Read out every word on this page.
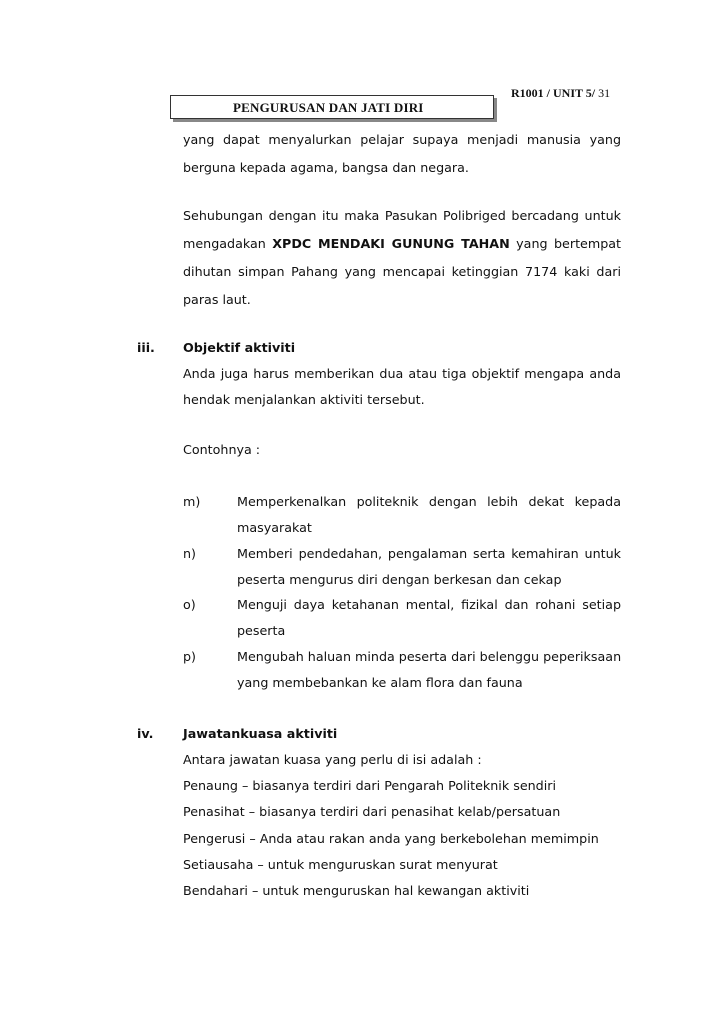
R1001 / UNIT 5/ 31
PENGURUSAN DAN JATI DIRI
yang dapat menyalurkan pelajar supaya menjadi manusia yang
berguna kepada agama, bangsa dan negara.
Sehubungan dengan itu maka Pasukan Polibriged bercadang untuk
mengadakan XPDC MENDAKI GUNUNG TAHAN yang bertempat
dihutan simpan Pahang yang mencapai ketinggian 7174 kaki dari
paras laut.
iii. Objektif aktiviti
Anda juga harus memberikan dua atau tiga objektif mengapa anda
hendak menjalankan aktiviti tersebut.
Contohnya :
m)	Memperkenalkan politeknik dengan lebih dekat kepada
masyarakat
n)	Memberi pendedahan, pengalaman serta kemahiran untuk
peserta mengurus diri dengan berkesan dan cekap
o)	Menguji daya ketahanan mental, fizikal dan rohani setiap
peserta
p)	Mengubah haluan minda peserta dari belenggu peperiksaan
yang membebankan ke alam flora dan fauna
iv. Jawatankuasa aktiviti
Antara jawatan kuasa yang perlu di isi adalah :
Penaung – biasanya terdiri dari Pengarah Politeknik sendiri
Penasihat – biasanya terdiri dari penasihat kelab/persatuan
Pengerusi – Anda atau rakan anda yang berkebolehan memimpin
Setiausaha – untuk menguruskan surat menyurat
Bendahari – untuk menguruskan hal kewangan aktiviti
